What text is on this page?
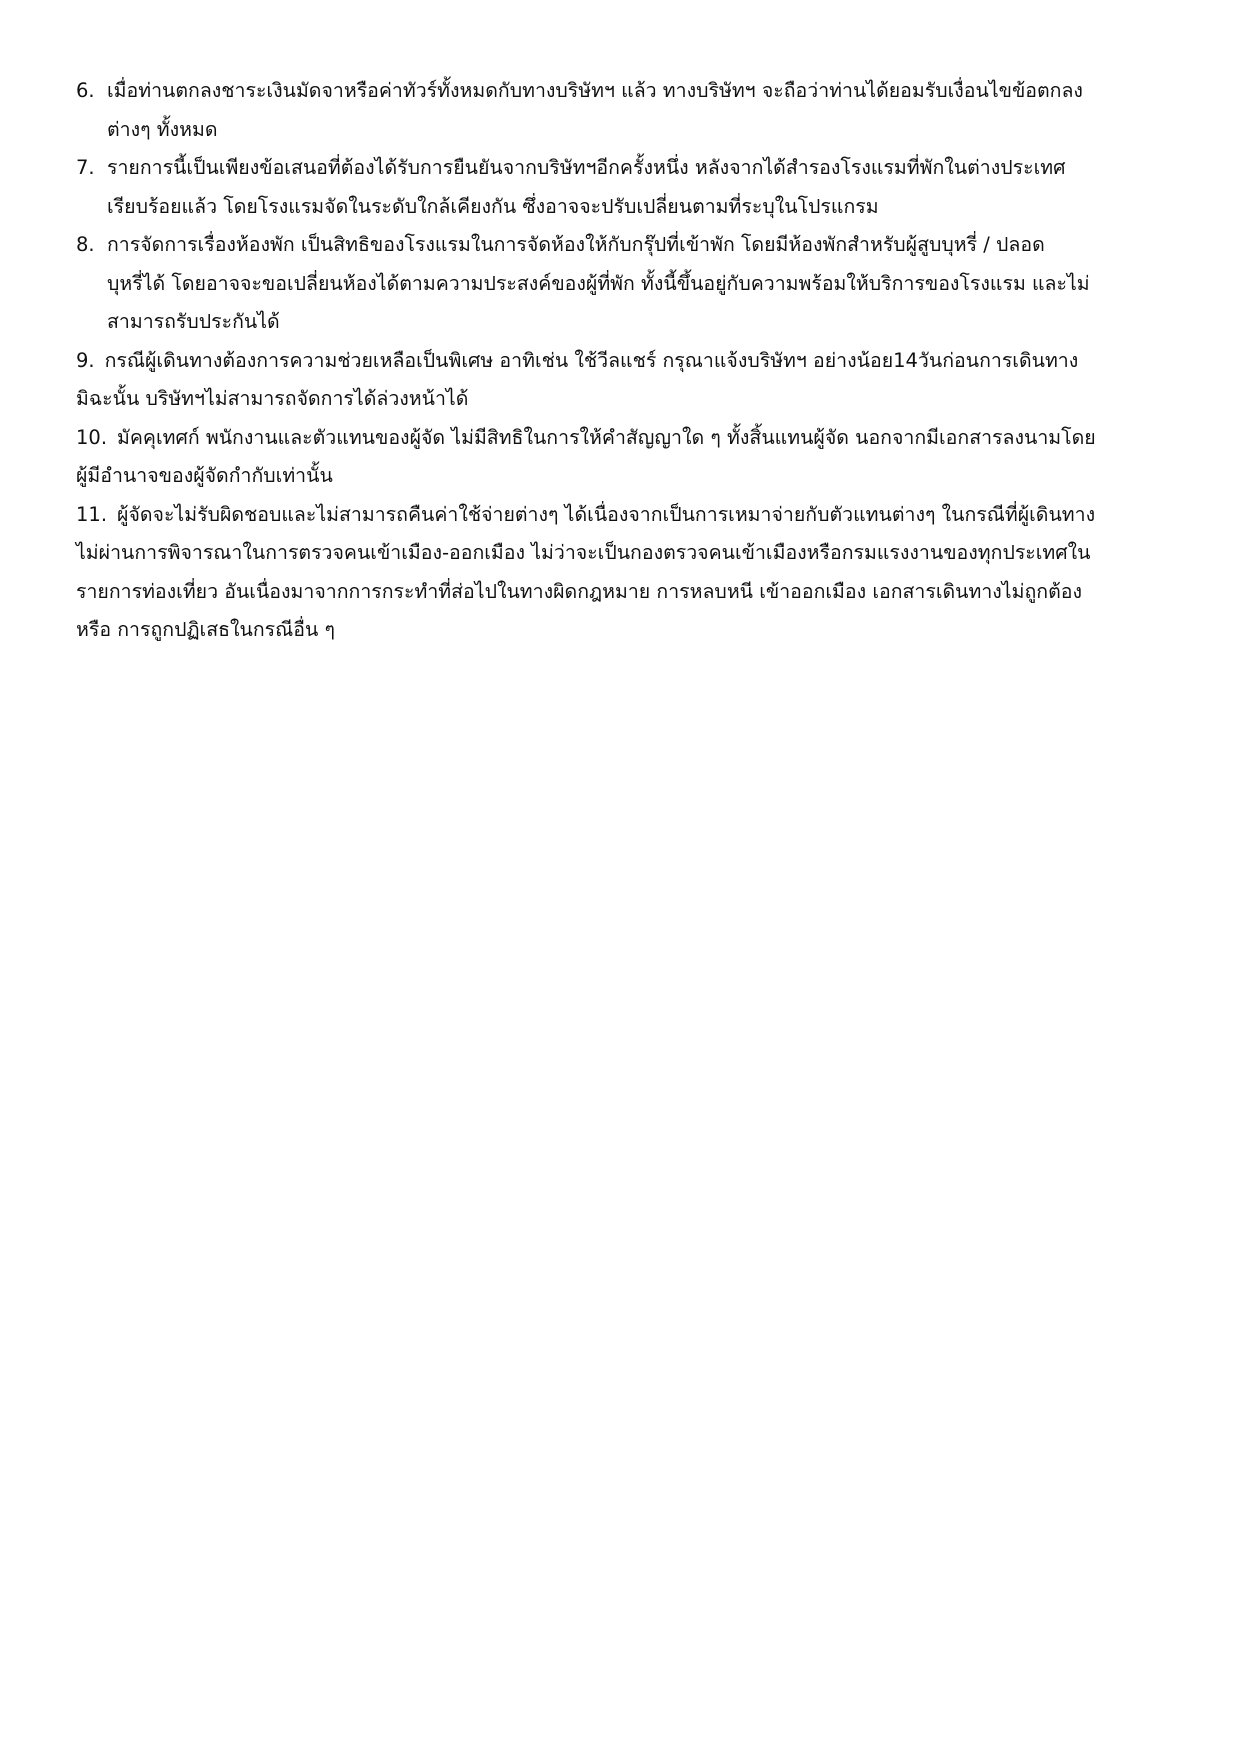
6. เมื่อท่านตกลงชาระเงินมัดจาหรือค่าทัวร์ทั้งหมดกับทางบริษัทฯ แล้ว ทางบริษัทฯ จะถือว่าท่านได้ยอมรับเงื่อนไขข้อตกลง
ต่างๆ ทั้งหมด
7. รายการนี้เป็นเพียงข้อเสนอที่ต้องได้รับการยืนยันจากบริษัทฯอีกครั้งหนึ่ง หลังจากได้สำรองโรงแรมที่พักในต่างประเทศ
เรียบร้อยแล้ว โดยโรงแรมจัดในระดับใกล้เคียงกัน ซึ่งอาจจะปรับเปลี่ยนตามที่ระบุในโปรแกรม
8. การจัดการเรื่องห้องพัก เป็นสิทธิของโรงแรมในการจัดห้องให้กับกรุ๊ปที่เข้าพัก โดยมีห้องพักสำหรับผู้สูบบุหรี่ / ปลอด
บุหรี่ได้ โดยอาจจะขอเปลี่ยนห้องได้ตามความประสงค์ของผู้ที่พัก ทั้งนี้ขึ้นอยู่กับความพร้อมให้บริการของโรงแรม และไม่
สามารถรับประกันได้
9. กรณีผู้เดินทางต้องการความช่วยเหลือเป็นพิเศษ อาทิเช่น ใช้วีลแชร์ กรุณาแจ้งบริษัทฯ อย่างน้อย14วันก่อนการเดินทาง
มิฉะนั้น บริษัทฯไม่สามารถจัดการได้ล่วงหน้าได้
10. มัคคุเทศก์ พนักงานและตัวแทนของผู้จัด ไม่มีสิทธิในการให้คำสัญญาใด ๆ ทั้งสิ้นแทนผู้จัด นอกจากมีเอกสารลงนามโดย
ผู้มีอำนาจของผู้จัดกำกับเท่านั้น
11. ผู้จัดจะไม่รับผิดชอบและไม่สามารถคืนค่าใช้จ่ายต่างๆ ได้เนื่องจากเป็นการเหมาจ่ายกับตัวแทนต่างๆ ในกรณีที่ผู้เดินทาง
ไม่ผ่านการพิจารณาในการตรวจคนเข้าเมือง-ออกเมือง ไม่ว่าจะเป็นกองตรวจคนเข้าเมืองหรือกรมแรงงานของทุกประเทศใน
รายการท่องเที่ยว อันเนื่องมาจากการกระทำที่ส่อไปในทางผิดกฎหมาย การหลบหนี เข้าออกเมือง เอกสารเดินทางไม่ถูกต้อง
หรือ การถูกปฏิเสธในกรณีอื่น ๆ
